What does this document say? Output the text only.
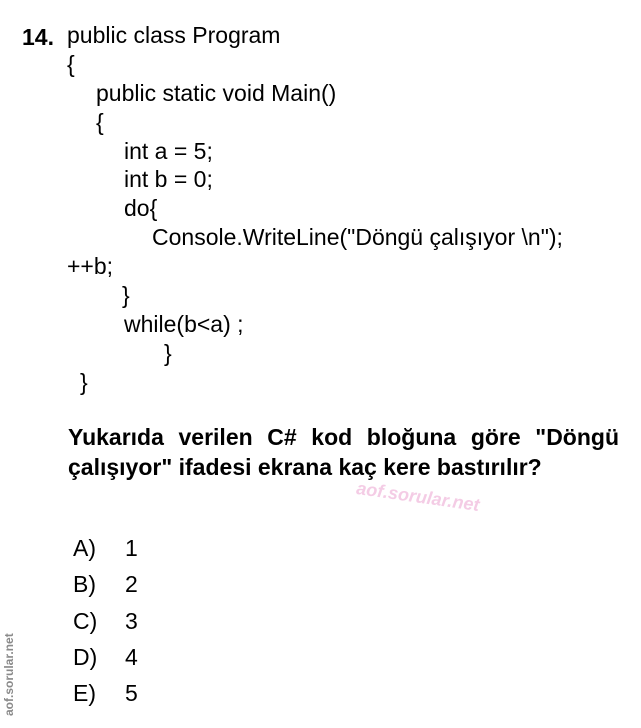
14. public class Program
{
public static void Main()
{
int a = 5;
int b = 0;
do{
Console.WriteLine("Döngü çalışıyor \n");
++b;
}
while(b<a) ;
}
}
Yukarıda verilen C# kod bloğuna göre "Döngü çalışıyor" ifadesi ekrana kaç kere bastırılır?
aof.sorular.net
aof.sorular.net
A) 1
B) 2
C) 3
D) 4
E) 5
